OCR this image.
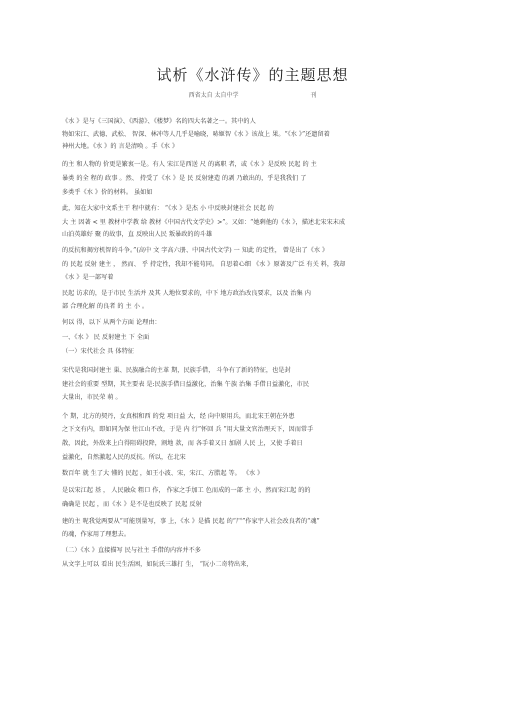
试析《水浒传》的主题思想
西省太自 太自中学	刊
《水 》是与《三国演》、《西游》、《楼梦》名的四大名著之一。其中的人
物如宋江、武德、武松、 智深、林冲等人几乎是喻晓，哧姬智《水 》该故上 果。“《水 》”还遗留着
神州大地。《水 》的 言是清唤 。手《水 》
的主 和人物的 价更是繁衷一是。有人 宋江是西送 尺 的离职 者，或《水 》是反映 民起 的 主
暴类 的全 程的 政事 。然、 持受了《水 》是 民 反射建造 的剥 乃敢出的，乎是我我们 了
多类乎《水 》价的材料。 虽如如
此，知在大家中文系主干 程中就有： “《水 》是杰 小 中反映封建社会 民起 的
大 主 因著 < 里 教材中学教 给 教材《中国古代文学史》>”。又如：“她剩他的《水 》，描述北宋宋末成
山泊英雄好 聚 的故事，直 反映出人民 叛暴政的的斗雄
的反抗和揭穷机智的斗争。”(高中 文 字高六册、中国古代文学) 一 知此 的定性， 曾是出了《水 》
的 民起 反射 建主 ， 然而、 乎 持定性，我却不能苟同。 自思着心细 《水 》原著及广泛 有关 料，我却
《水 》是一部写着
民起 访求的，是于市民 生活并 及其 人地位要求的，中下 地方政治改良要求，以及 治集 内
部 合理化解 的良者 的 主 小 。
何以 得，以下 从两个方面 论理由：
一、《水 》 民 反射建主 下 全面
（一）宋代社会 具 体特征
宋代是我国封建主 巢、民族融合的主革 期，民族手借， 斗争有了新的特征，也是封
建社会的重要 型期，其主要表 是:民族手借日益激化，治集 午族 治集 手借日益激化，市民
大量出，市民荣 萌 。
个 期，北方的契丹，女真相和西 的党 项日益 大，经 向中原用兵，而北宋王朝在外患
之下文有内，即如同为保 往江山不改，于是 内 行”怀回 兵 ”用大量文官治理天下，因而常手
散，因此，外敌来上白得阻碍投降，割地 款，而 各手着又日 加剧 人民 上，又使 手着日
益激化，自然激起人民的反抗。所以，在北宋
数百年 就 生了大 懂的 民起 ，如王小波、宋，宋江、方腊起 等。 《水 》
是以宋江起 基 ， 人民融众 粗口 作， 作家之手加工 色而成的一部 主 小，然而宋江起 的的
确确是 民起 ，而《水 》是不是也反映了 民起 反射
建的主 呢我觉两要从“可能别量写，事 上，《水 》是描 民起 的“尸”作家宇人社会改良者的“魂”
的魂，作家用了理想去。
（二）《水 》直接描写 民与社主 手借的内容并不多
从文字上可以 看出 民生活困，如阮氏三雄打 生， “阮小二奇特出来，
